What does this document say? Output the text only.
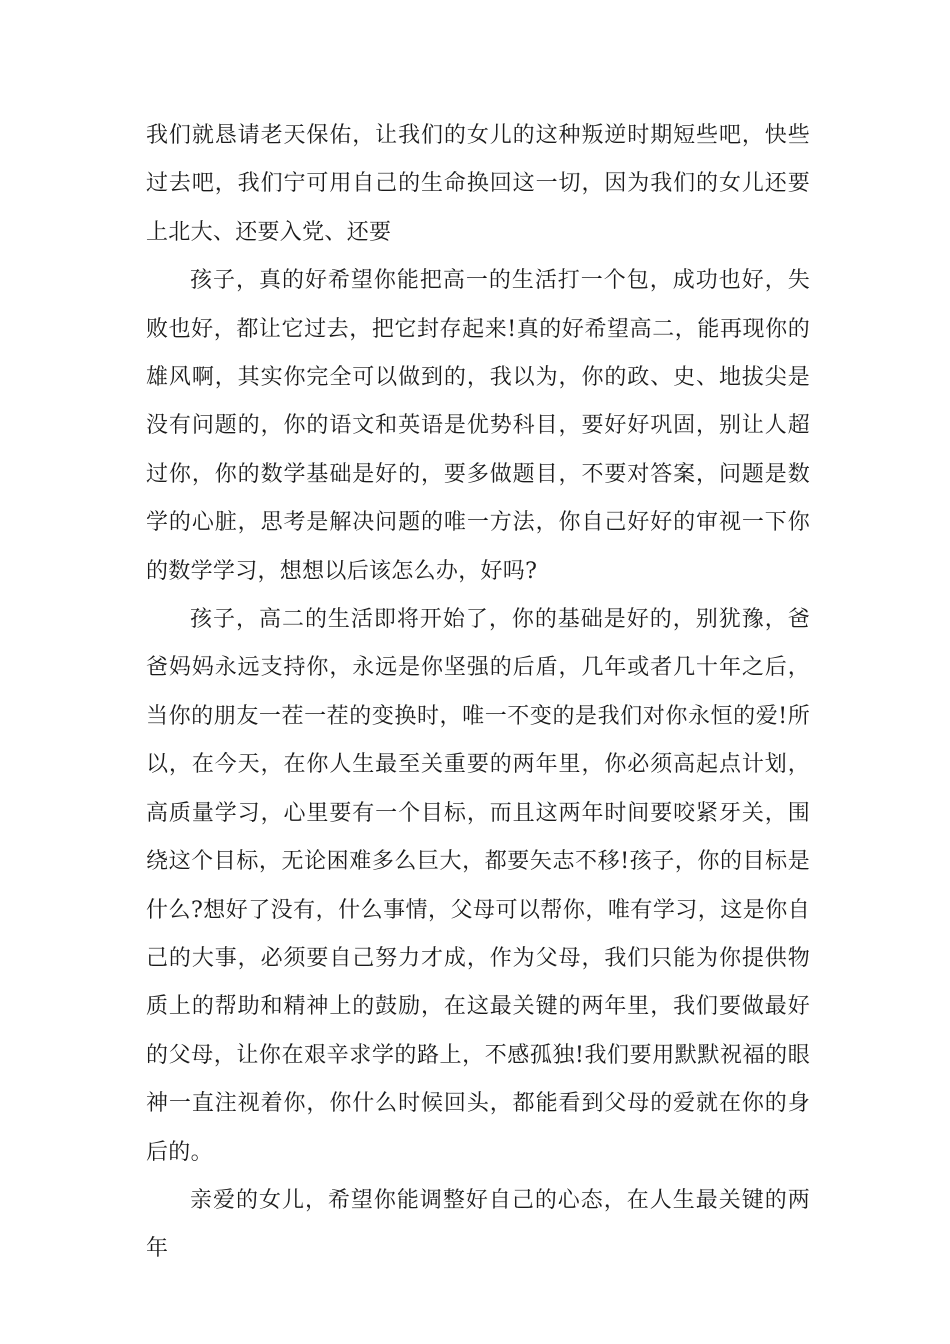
我们就恳请老天保佑，让我们的女儿的这种叛逆时期短些吧，快些过去吧，我们宁可用自己的生命换回这一切，因为我们的女儿还要上北大、还要入党、还要

孩子，真的好希望你能把高一的生活打一个包，成功也好，失败也好，都让它过去，把它封存起来!真的好希望高二，能再现你的雄风啊，其实你完全可以做到的，我以为，你的政、史、地拔尖是没有问题的，你的语文和英语是优势科目，要好好巩固，别让人超过你，你的数学基础是好的，要多做题目，不要对答案，问题是数学的心脏，思考是解决问题的唯一方法，你自己好好的审视一下你的数学学习，想想以后该怎么办，好吗?

孩子，高二的生活即将开始了，你的基础是好的，别犹豫，爸爸妈妈永远支持你，永远是你坚强的后盾，几年或者几十年之后，当你的朋友一茬一茬的变换时，唯一不变的是我们对你永恒的爱!所以，在今天，在你人生最至关重要的两年里，你必须高起点计划，高质量学习，心里要有一个目标，而且这两年时间要咬紧牙关，围绕这个目标，无论困难多么巨大，都要矢志不移!孩子，你的目标是什么?想好了没有，什么事情，父母可以帮你，唯有学习，这是你自己的大事，必须要自己努力才成，作为父母，我们只能为你提供物质上的帮助和精神上的鼓励，在这最关键的两年里，我们要做最好的父母，让你在艰辛求学的路上，不感孤独!我们要用默默祝福的眼神一直注视着你，你什么时候回头，都能看到父母的爱就在你的身后的。

亲爱的女儿，希望你能调整好自己的心态，在人生最关键的两年
